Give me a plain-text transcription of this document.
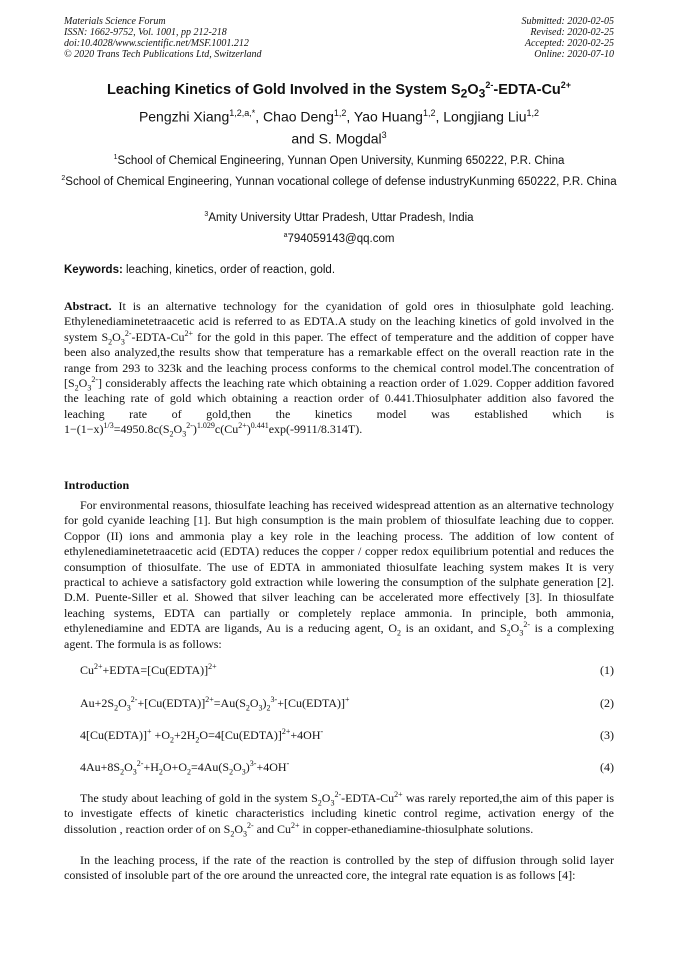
Materials Science Forum
ISSN: 1662-9752, Vol. 1001, pp 212-218
doi:10.4028/www.scientific.net/MSF.1001.212
© 2020 Trans Tech Publications Ltd, Switzerland
Submitted: 2020-02-05
Revised: 2020-02-25
Accepted: 2020-02-25
Online: 2020-07-10
Leaching Kinetics of Gold Involved in the System $S_2O_3^{2-}-EDTA-Cu^{2+}$
Pengzhi Xiang$^{1,2,a,*}$, Chao Deng$^{1,2}$, Yao Huang$^{1,2}$, Longjiang Liu$^{1,2}$
and S. Mogdal$^3$
$^1$School of Chemical Engineering, Yunnan Open University, Kunming 650222, P.R. China
$^2$School of Chemical Engineering, Yunnan vocational college of defense industryKunming 650222, P.R. China
$^3$Amity University Uttar Pradesh, Uttar Pradesh, India
$^a$794059143@qq.com
Keywords: leaching, kinetics, order of reaction, gold.
Abstract. It is an alternative technology for the cyanidation of gold ores in thiosulphate gold leaching. Ethylenediaminetetraacetic acid is referred to as EDTA.A study on the leaching kinetics of gold involved in the system $S_2O_3^{2-}-EDTA-Cu^{2+}$ for the gold in this paper. The effect of temperature and the addition of copper have been also analyzed,the results show that temperature has a remarkable effect on the overall reaction rate in the range from 293 to 323k and the leaching process conforms to the chemical control model.The concentration of $[S_2O_3^{2-}]$ considerably affects the leaching rate which obtaining a reaction order of 1.029. Copper addition favored the leaching rate of gold which obtaining a reaction order of 0.441.Thiosulphater addition also favored the leaching rate of gold,then the kinetics model was established which is $1-(1-x)^{1/3}=4950.8c(S_2O_3^{2-})^{1.029}c(Cu^{2+})^{0.441}\exp(-9911/8.314T)$.
Introduction
For environmental reasons, thiosulfate leaching has received widespread attention as an alternative technology for gold cyanide leaching [1]. But high consumption is the main problem of thiosulfate leaching due to copper. Coppor (II) ions and ammonia play a key role in the leaching process. The addition of low content of ethylenediaminetetraacetic acid (EDTA) reduces the copper / copper redox equilibrium potential and reduces the consumption of thiosulfate. The use of EDTA in ammoniated thiosulfate leaching system makes It is very practical to achieve a satisfactory gold extraction while lowering the consumption of the sulphate generation [2]. D.M. Puente-Siller et al. Showed that silver leaching can be accelerated more effectively [3]. In thiosulfate leaching systems, EDTA can partially or completely replace ammonia. In principle, both ammonia, ethylenediamine and EDTA are ligands, Au is a reducing agent, $O_2$ is an oxidant, and $S_2O_3^{2-}$ is a complexing agent. The formula is as follows:
$Cu^{2+}+EDTA=[Cu(EDTA)]^{2+}$	(1)
$Au+2S_2O_3^{2-}+[Cu(EDTA)]^{2+}=Au(S_2O_3)_2^{3-}+[Cu(EDTA)]^+$	(2)
4[Cu(EDTA)]+ $+O_2+2H_2O=4[Cu(EDTA)]^{2+}+4OH^-$	(3)
$4Au+8S_2O_3^{2-}+H_2O+O_2=4Au(S_2O_3)^{3-}+4OH^-$	(4)
The study about leaching of gold in the system $S_2O_3^{2-}-EDTA-Cu^{2+}$ was rarely reported,the aim of this paper is to investigate effects of kinetic characteristics including kinetic control regime, activation energy of the dissolution , reaction order of on $S_2O_3^{2-}$ and $Cu^{2+}$ in copper-ethanediamine-thiosulphate solutions.
In the leaching process, if the rate of the reaction is controlled by the step of diffusion through solid layer consisted of insoluble part of the ore around the unreacted core, the integral rate equation is as follows [4]:
